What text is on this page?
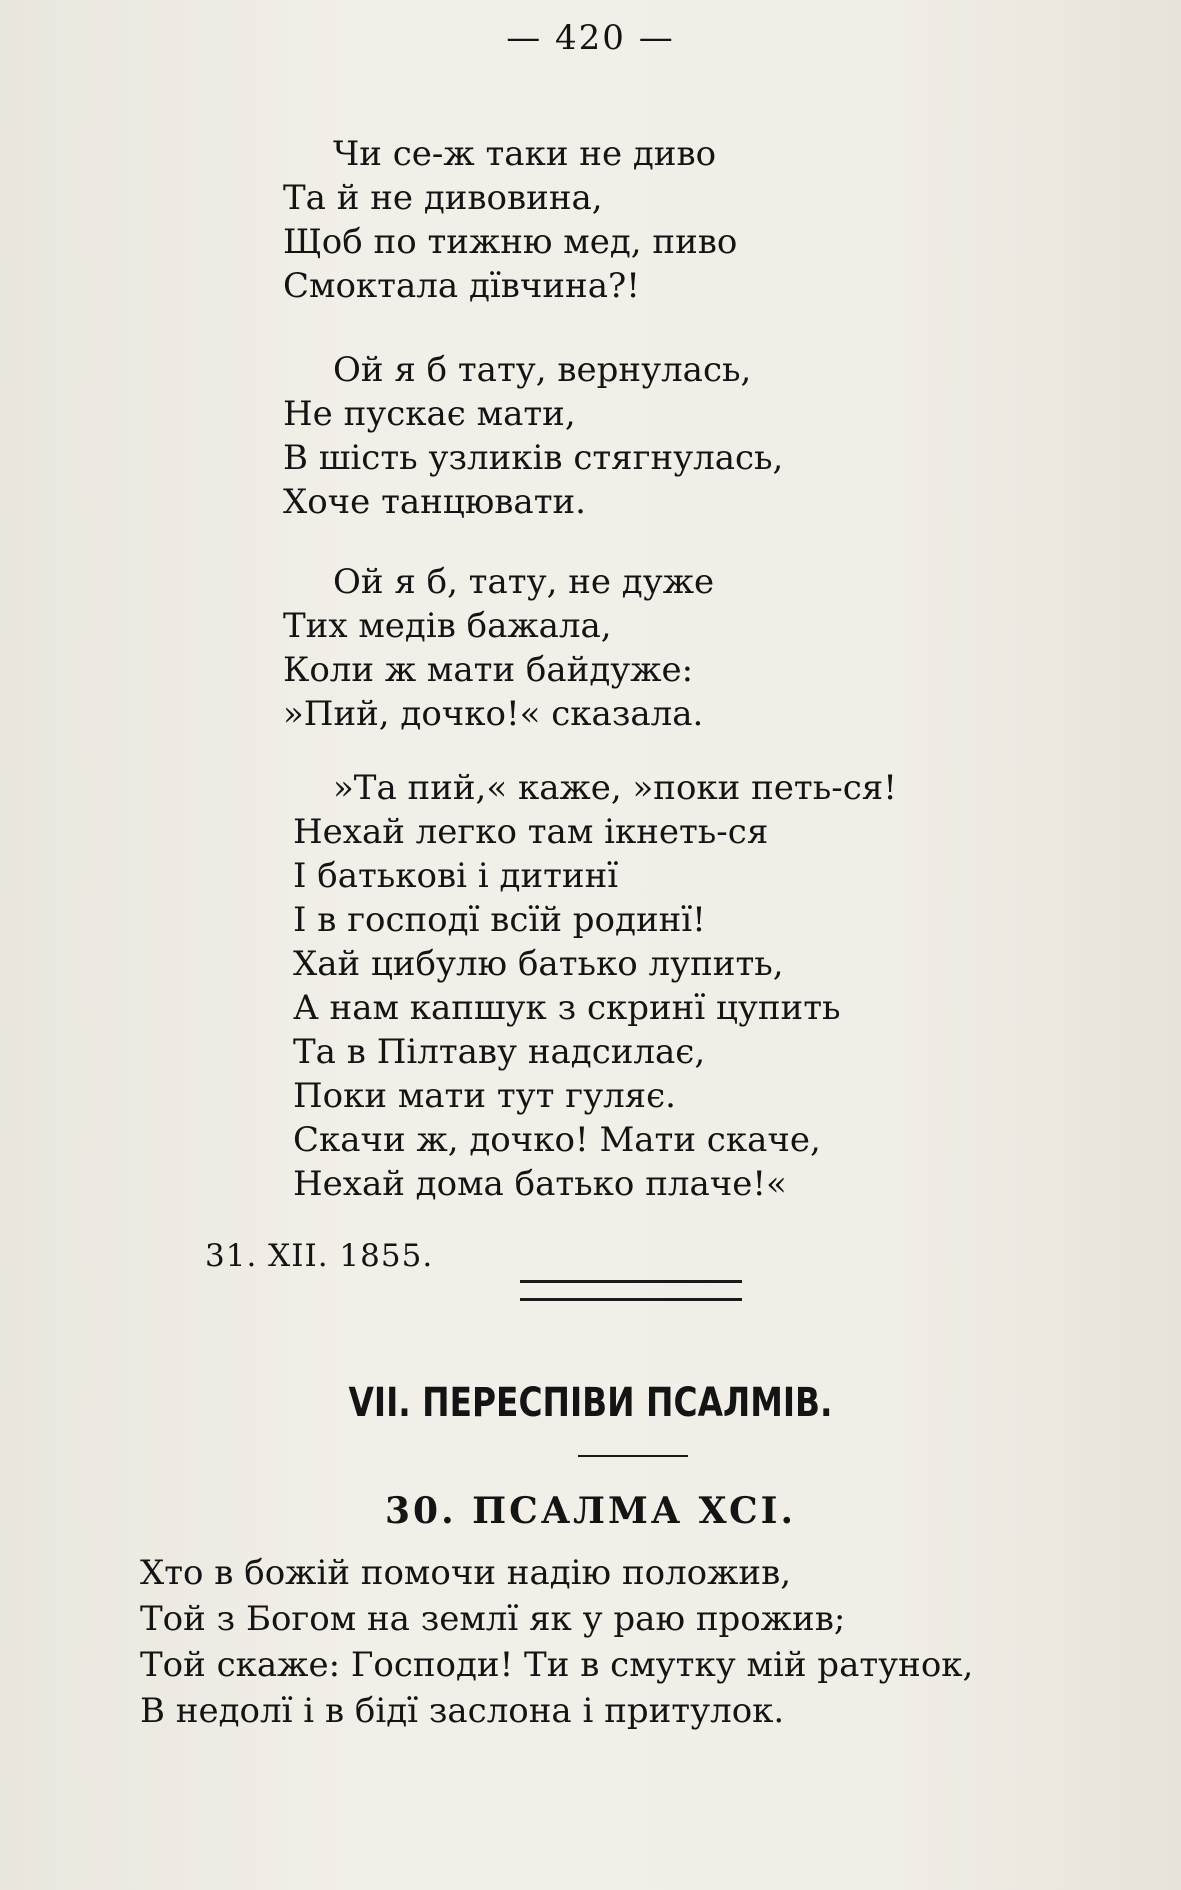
— 420 —
Чи се-ж таки не диво
Та й не дивовина,
Щоб по тижню мед, пиво
Смоктала дївчина?!
Ой я б тату, вернулась,
Не пускає мати,
В шість узликів стягнулась,
Хоче танцювати.
Ой я б, тату, не дуже
Тих медів бажала,
Коли ж мати байдуже:
»Пий, дочко!« сказала.
»Та пий,« каже, »поки петь-ся!
Нехай легко там ікнеть-ся
І батькові і дитинї
І в господї всїй родинї!
Хай цибулю батько лупить,
А нам капшук з скринї цупить
Та в Пілтаву надсилає,
Поки мати тут гуляє.
Скачи ж, дочко! Мати скаче,
Нехай дома батько плаче!«
31. XII. 1855.
VII. ПЕРЕСПІВИ ПСАЛМІВ.
30. ПСАЛМА XCI.
Хто в божій помочи надію положив,
Той з Богом на землї як у раю прожив;
Той скаже: Господи! Ти в смутку мій ратунок,
В недолї і в бідї заслона і притулок.
